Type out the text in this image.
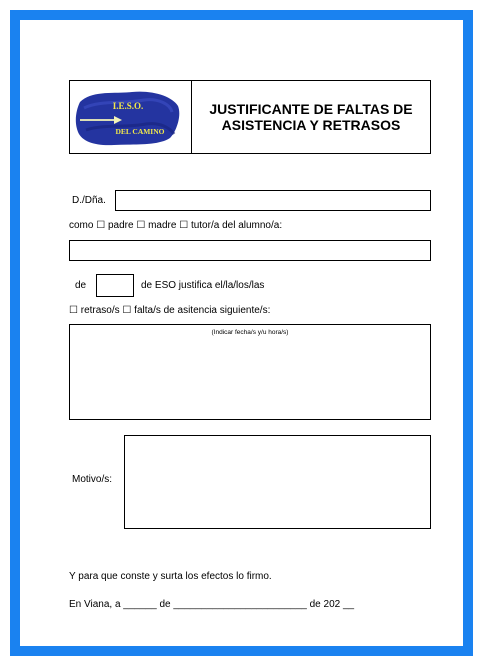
I.E.S.O.
DEL CAMINO
JUSTIFICANTE DE FALTAS DE
ASISTENCIA Y RETRASOS
D./Dña.
como ☐ padre ☐ madre ☐ tutor/a del alumno/a:
de	de ESO justifica el/la/los/las
☐ retraso/s ☐ falta/s de asitencia siguiente/s:
(Indicar fecha/s y/u hora/s)
Motivo/s:
Y para que conste y surta los efectos lo firmo.
En Viana, a ______ de ________________________ de 202 __
